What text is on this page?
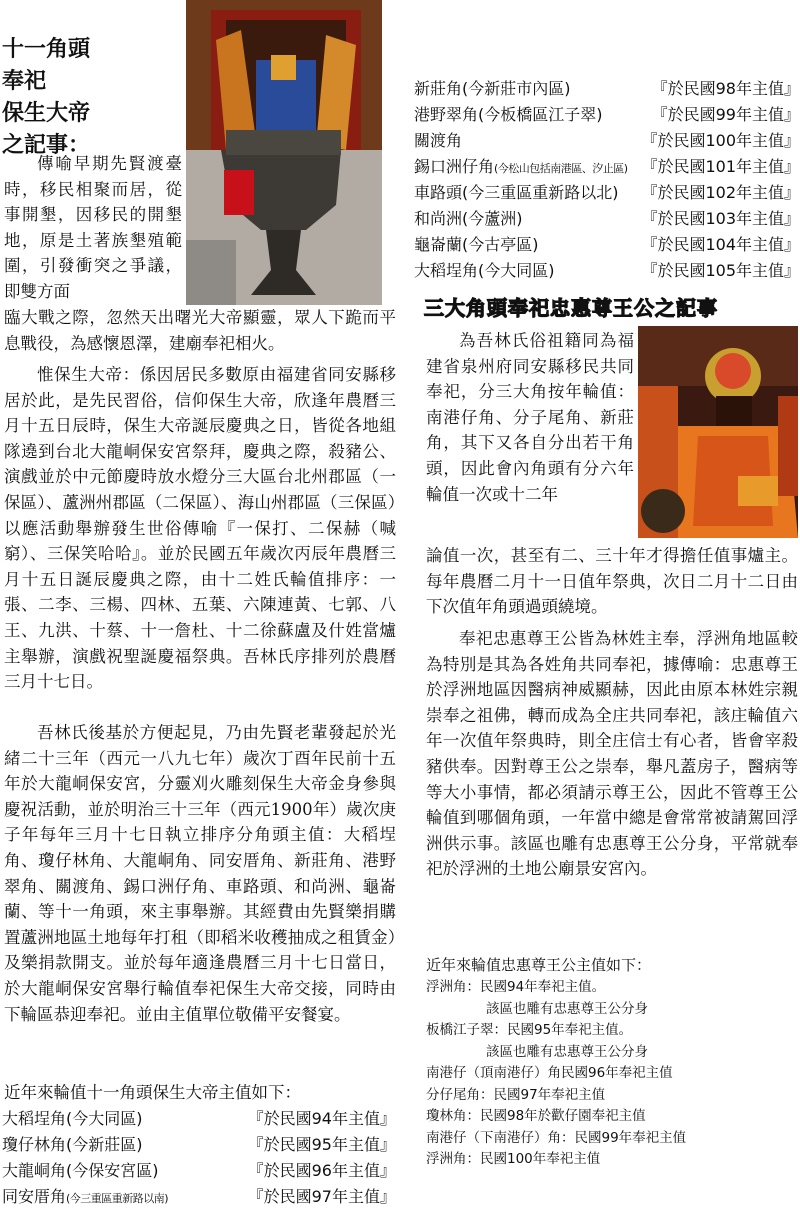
十一角頭
奉祀
保生大帝
之記事：

傳喻早期先賢渡臺時，移民相聚而居，從事開墾，因移民的開墾地，原是土著族墾殖範圍，引發衝突之爭議，即雙方面

臨大戰之際，忽然天出曙光大帝顯靈，眾人下跪而平息戰役，為感懷恩澤，建廟奉祀相火。

惟保生大帝：係因居民多數原由福建省同安縣移居於此，是先民習俗，信仰保生大帝，欣逢年農曆三月十五日辰時，保生大帝誕辰慶典之日，皆從各地組隊遶到台北大龍峒保安宮祭拜，慶典之際，殺豬公、演戲並於中元節慶時放水燈分三大區台北州郡區（一保區）、蘆洲州郡區（二保區）、海山州郡區（三保區）以應活動舉辦發生世俗傳喻『一保打、二保赫（喊窮）、三保笑哈哈』。並於民國五年歲次丙辰年農曆三月十五日誕辰慶典之際，由十二姓氏輪值排序：一張、二李、三楊、四林、五葉、六陳連黃、七郭、八王、九洪、十蔡、十一詹杜、十二徐蘇盧及什姓當爐主舉辦，演戲祝聖誕慶福祭典。吾林氏序排列於農曆三月十七日。

吾林氏後基於方便起見，乃由先賢老輩發起於光緒二十三年（西元一八九七年）歲次丁酉年民前十五年於大龍峒保安宮，分靈刈火雕刻保生大帝金身參與慶祝活動，並於明治三十三年（西元1900年）歲次庚子年每年三月十七日執立排序分角頭主值：大稻埕角、瓊仔林角、大龍峒角、同安厝角、新莊角、港野翠角、關渡角、錫口洲仔角、車路頭、和尚洲、龜崙蘭、等十一角頭，來主事舉辦。其經費由先賢樂捐購置蘆洲地區土地每年打租（即稻米收穫抽成之租賃金）及樂捐款開支。並於每年適逢農曆三月十七日當日，於大龍峒保安宮舉行輪值奉祀保生大帝交接，同時由下輪區恭迎奉祀。並由主值單位敬備平安餐宴。

近年來輪值十一角頭保生大帝主值如下：

大稻埕角(今大同區)	『於民國94年主值』
瓊仔林角(今新莊區)	『於民國95年主值』
大龍峒角(今保安宮區)	『於民國96年主值』
同安厝角(今三重區重新路以南)	『於民國97年主值』
新莊角(今新莊市內區)	『於民國98年主值』
港野翠角(今板橋區江子翠)	『於民國99年主值』
關渡角	『於民國100年主值』
錫口洲仔角(今松山包括南港區、汐止區) 『於民國101年主值』
車路頭(今三重區重新路以北) 『於民國102年主值』
和尚洲(今蘆洲)	『於民國103年主值』
龜崙蘭(今古亭區)	『於民國104年主值』
大稻埕角(今大同區)	『於民國105年主值』
三大角頭奉祀忠惠尊王公之記事

為吾林氏俗祖籍同為福建省泉州府同安縣移民共同奉祀，分三大角按年輪值：南港仔角、分子尾角、新莊角，其下又各自分出若干角頭，因此會內角頭有分六年輪值一次或十二年

論值一次，甚至有二、三十年才得擔任值事爐主。每年農曆二月十一日值年祭典，次日二月十二日由下次值年角頭過頭繞境。

奉祀忠惠尊王公皆為林姓主奉，浮洲角地區較為特別是其為各姓角共同奉祀，據傳喻：忠惠尊王於浮洲地區因醫病神威顯赫，因此由原本林姓宗親崇奉之祖佛，轉而成為全庄共同奉祀，該庄輪值六年一次值年祭典時，則全庄信士有心者，皆會宰殺豬供奉。因對尊王公之崇奉，舉凡蓋房子，醫病等等大小事情，都必須請示尊王公，因此不管尊王公輪值到哪個角頭，一年當中總是會常常被請駕回浮洲供示事。該區也雕有忠惠尊王公分身，平常就奉祀於浮洲的土地公廟景安宮內。

近年來輪值忠惠尊王公主值如下：
浮洲角：民國94年奉祀主值。
該區也雕有忠惠尊王公分身
板橋江子翠：民國95年奉祀主值。
該區也雕有忠惠尊王公分身
南港仔（頂南港仔）角民國96年奉祀主值
分仔尾角：民國97年奉祀主值
瓊林角：民國98年於歡仔園奉祀主值
南港仔（下南港仔）角：民國99年奉祀主值
浮洲角：民國100年奉祀主值
